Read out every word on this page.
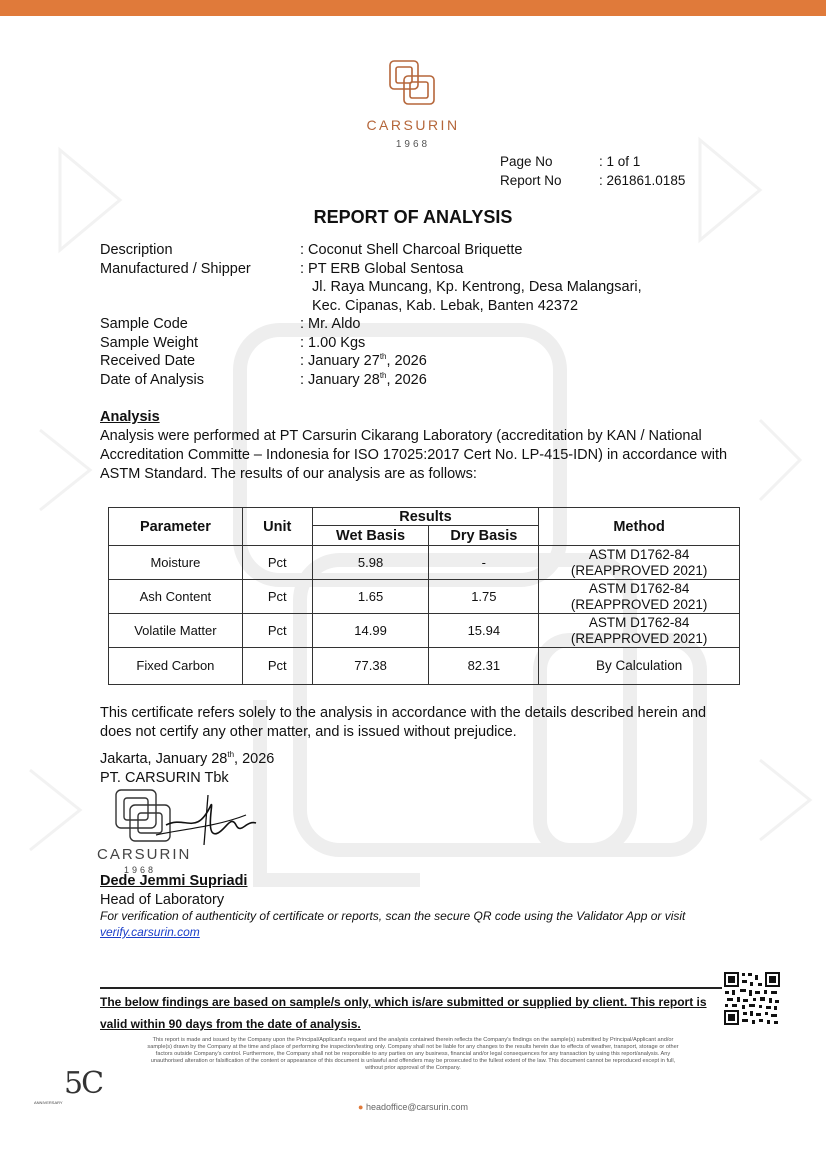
CARSURIN
1968
Page No	: 1 of 1
Report No	: 261861.0185
REPORT OF ANALYSIS
Description	: Coconut Shell Charcoal Briquette
Manufactured / Shipper	: PT ERB Global Sentosa
Jl. Raya Muncang, Kp. Kentrong, Desa Malangsari,
Kec. Cipanas, Kab. Lebak, Banten 42372
Sample Code	: Mr. Aldo
Sample Weight	: 1.00 Kgs
Received Date	: January 27th, 2026
Date of Analysis	: January 28th, 2026
Analysis

Analysis were performed at PT Carsurin Cikarang Laboratory (accreditation by KAN / National Accreditation Committe – Indonesia for ISO 17025:2017 Cert No. LP-415-IDN) in accordance with ASTM Standard. The results of our analysis are as follows:

Parameter	Unit	Results		Method
		Wet Basis	Dry Basis	
Moisture	Pct	5.98	-	ASTM D1762-84
(REAPPROVED 2021)

Ash Content	Pct	1.65	1.75	ASTM D1762-84
(REAPPROVED 2021)

Volatile Matter	Pct	14.99	15.94	ASTM D1762-84
(REAPPROVED 2021)

Fixed Carbon	Pct	77.38	82.31	By Calculation
This certificate refers solely to the analysis in accordance with the details described herein and does not certify any other matter, and is issued without prejudice.
Jakarta, January 28th, 2026
PT. CARSURIN Tbk
CARSURIN
1968
Dede Jemmi Supriadi
Head of Laboratory
For verification of authenticity of certificate or reports, scan the secure QR code using the Validator App or visit
verify.carsurin.com
The below findings are based on sample/s only, which is/are submitted or supplied by client. This report is valid within 90 days from the date of analysis.
This report is made and issued by the Company upon the Principal/Applicant's request and the analysis contained therein reflects the Company's findings on the sample(s) submitted by Principal/Applicant and/or sample(s) drawn by the Company at the time and place of performing the inspection/testing only. Company shall not be liable for any changes to the results herein due to effects of weather, transport, storage or other factors outside Company's control. Furthermore, the Company shall not be responsible to any parties on any business, financial and/or legal consequences for any transaction by using this report/analysis. Any unauthorised alteration or falsification of the content or appearance of this document is unlawful and offenders may be prosecuted to the fullest extent of the law. This document cannot be reproduced except in full, without prior approval of the Company.
5C
ANNIVERSARY	● headoffice@carsurin.com
